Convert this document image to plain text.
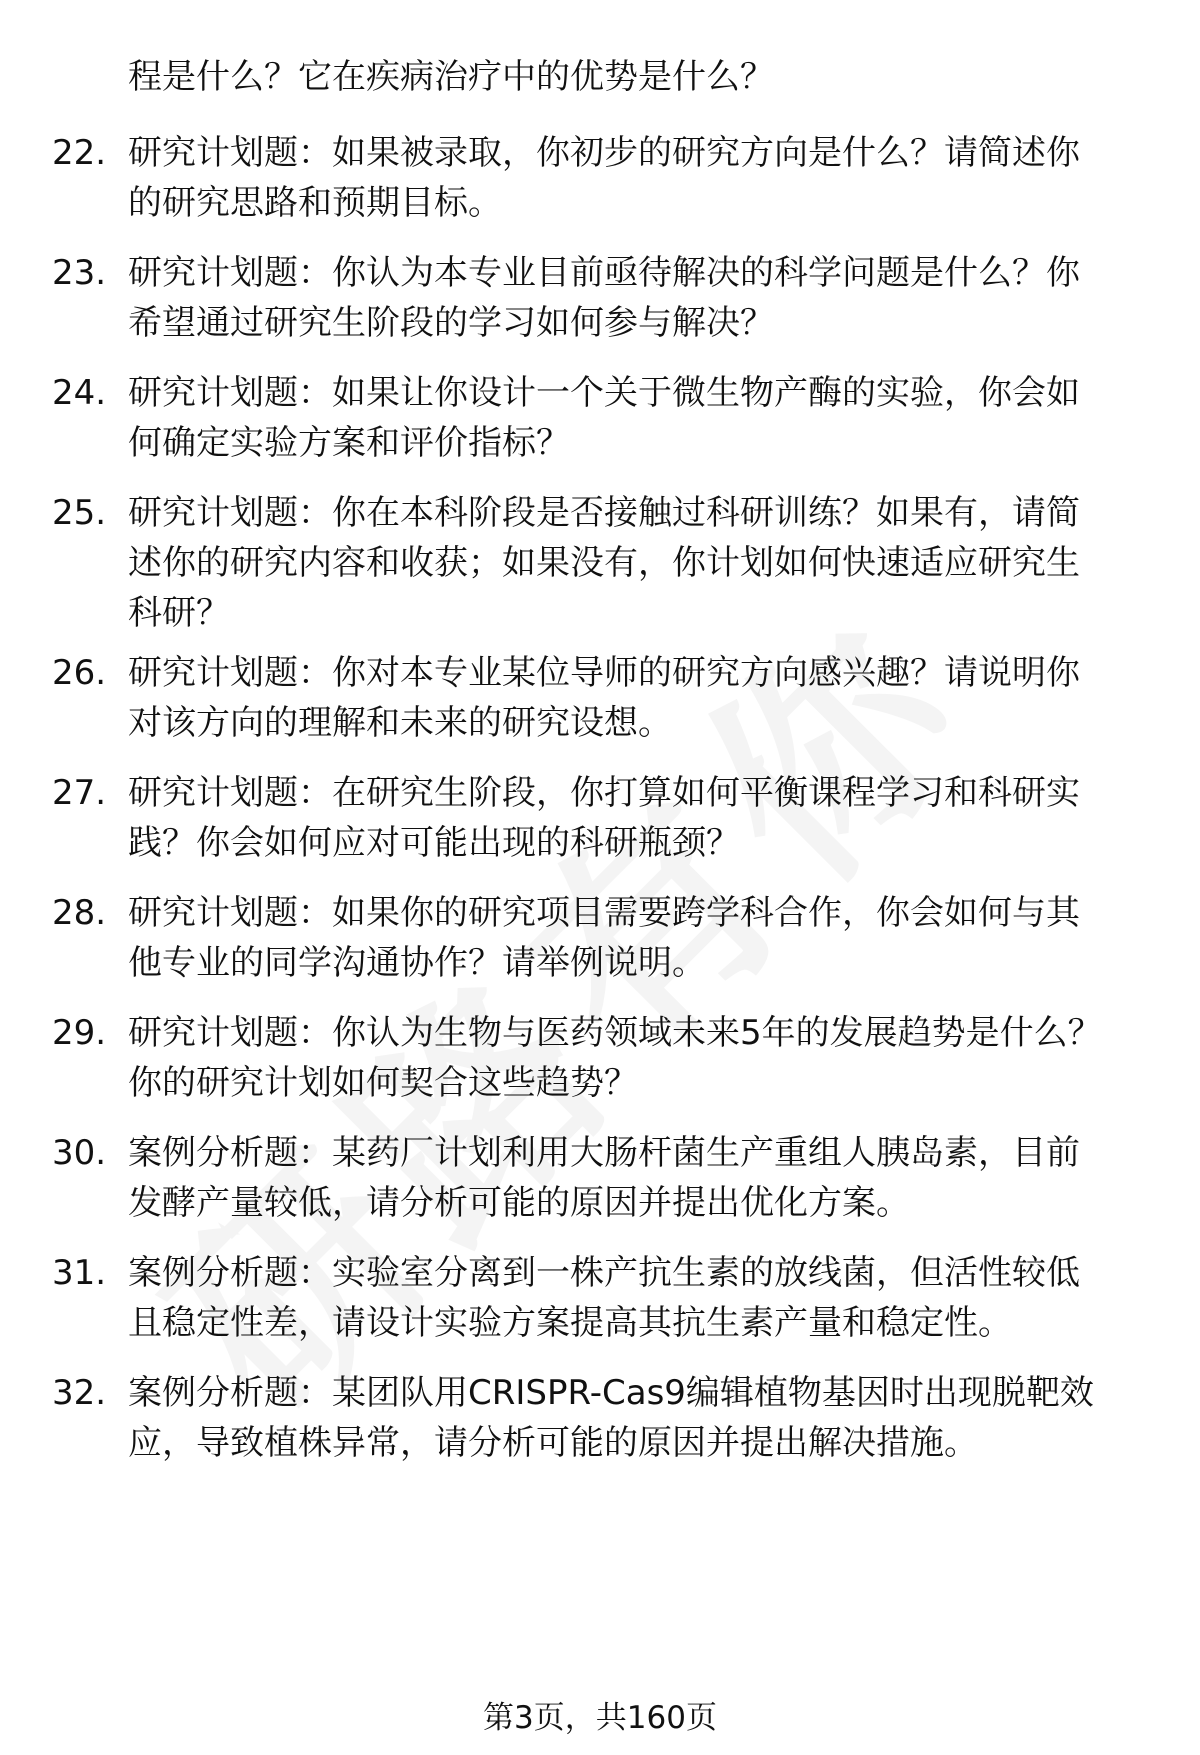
程是什么？它在疾病治疗中的优势是什么？
22. 研究计划题：如果被录取，你初步的研究方向是什么？请简述你
的研究思路和预期目标。
23. 研究计划题：你认为本专业目前亟待解决的科学问题是什么？你
希望通过研究生阶段的学习如何参与解决？
24. 研究计划题：如果让你设计一个关于微生物产酶的实验，你会如
何确定实验方案和评价指标？
25. 研究计划题：你在本科阶段是否接触过科研训练？如果有，请简
述你的研究内容和收获；如果没有，你计划如何快速适应研究生
科研？
26. 研究计划题：你对本专业某位导师的研究方向感兴趣？请说明你
对该方向的理解和未来的研究设想。
27. 研究计划题：在研究生阶段，你打算如何平衡课程学习和科研实
践？你会如何应对可能出现的科研瓶颈？
28. 研究计划题：如果你的研究项目需要跨学科合作，你会如何与其
他专业的同学沟通协作？请举例说明。
29. 研究计划题：你认为生物与医药领域未来5年的发展趋势是什么？
你的研究计划如何契合这些趋势？
30. 案例分析题：某药厂计划利用大肠杆菌生产重组人胰岛素，目前
发酵产量较低，请分析可能的原因并提出优化方案。
31. 案例分析题：实验室分离到一株产抗生素的放线菌，但活性较低
且稳定性差，请设计实验方案提高其抗生素产量和稳定性。
32. 案例分析题：某团队用CRISPR-Cas9编辑植物基因时出现脱靶效
应，导致植株异常，请分析可能的原因并提出解决措施。
第3页，共160页
